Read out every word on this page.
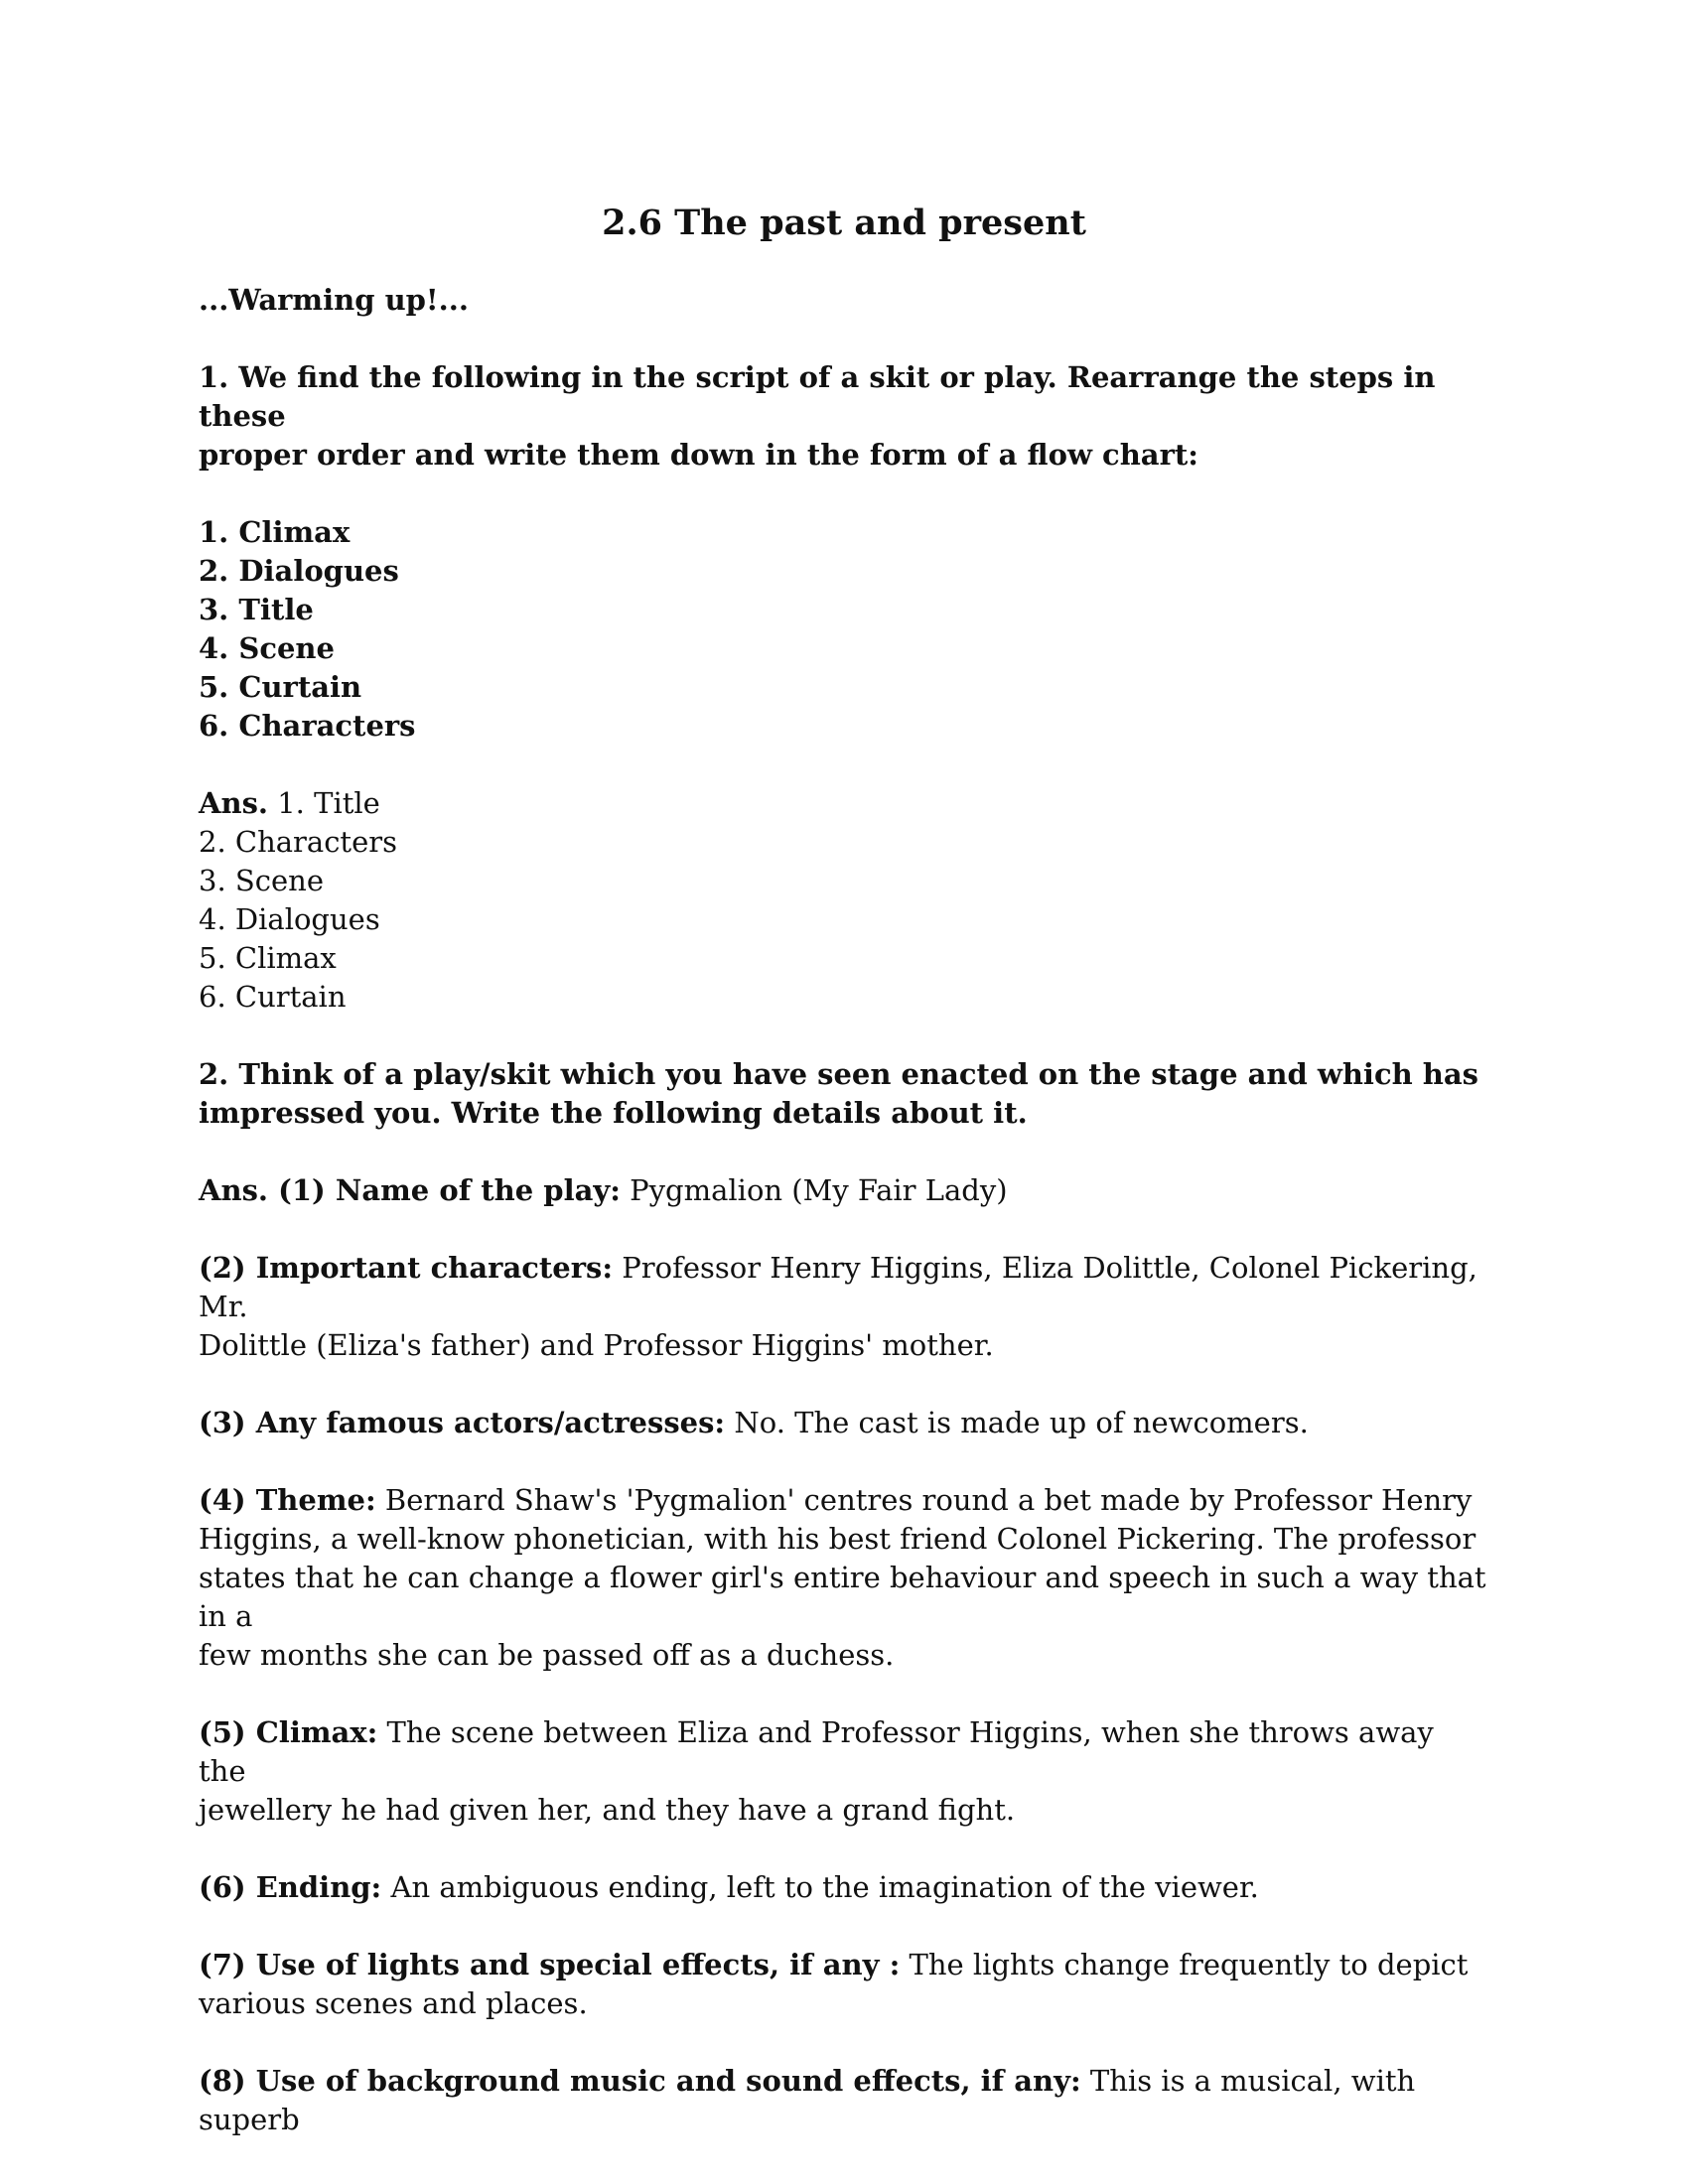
2.6 The past and present

...Warming up!...

1. We find the following in the script of a skit or play. Rearrange the steps in these

proper order and write them down in the form of a flow chart:

1. Climax

2. Dialogues

3. Title

4. Scene

5. Curtain

6. Characters

Ans. 1. Title

2. Characters

3. Scene

4. Dialogues

5. Climax

6. Curtain

2. Think of a play/skit which you have seen enacted on the stage and which has

impressed you. Write the following details about it.

Ans. (1) Name of the play: Pygmalion (My Fair Lady)

(2) Important characters: Professor Henry Higgins, Eliza Dolittle, Colonel Pickering, Mr.

Dolittle (Eliza's father) and Professor Higgins' mother.

(3) Any famous actors/actresses: No. The cast is made up of newcomers.

(4) Theme: Bernard Shaw's 'Pygmalion' centres round a bet made by Professor Henry

Higgins, a well-know phonetician, with his best friend Colonel Pickering. The professor

states that he can change a flower girl's entire behaviour and speech in such a way that in a

few months she can be passed off as a duchess.

(5) Climax: The scene between Eliza and Professor Higgins, when she throws away the

jewellery he had given her, and they have a grand fight.

(6) Ending: An ambiguous ending, left to the imagination of the viewer.

(7) Use of lights and special effects, if any : The lights change frequently to depict

various scenes and places.

(8) Use of background music and sound effects, if any: This is a musical, with superb
